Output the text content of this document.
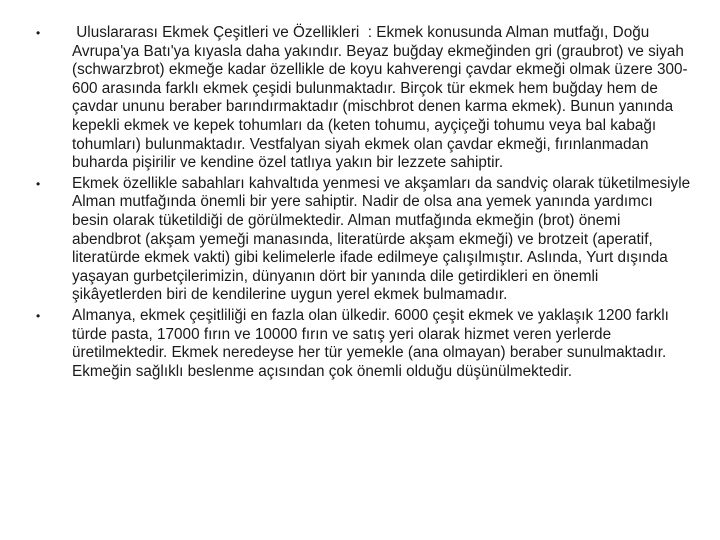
•	Uluslararası Ekmek Çeşitleri ve Özellikleri  : Ekmek konusunda Alman mutfağı, Doğu Avrupa'ya Batı'ya kıyasla daha yakındır. Beyaz buğday ekmeğinden gri (graubrot) ve siyah (schwarzbrot) ekmeğe kadar özellikle de koyu kahverengi çavdar ekmeği olmak üzere 300-600 arasında farklı ekmek çeşidi bulunmaktadır. Birçok tür ekmek hem buğday hem de çavdar ununu beraber barındırmaktadır (mischbrot denen karma ekmek). Bunun yanında kepekli ekmek ve kepek tohumları da (keten tohumu, ayçiçeği tohumu veya bal kabağı tohumları) bulunmaktadır. Vestfalyan siyah ekmek olan çavdar ekmeği, fırınlanmadan buharda pişirilir ve kendine özel tatlıya yakın bir lezzete sahiptir.
•	Ekmek özellikle sabahları kahvaltıda yenmesi ve akşamları da sandviç olarak tüketilmesiyle Alman mutfağında önemli bir yere sahiptir. Nadir de olsa ana yemek yanında yardımcı besin olarak tüketildiği de görülmektedir. Alman mutfağında ekmeğin (brot) önemi abendbrot (akşam yemeği manasında, literatürde akşam ekmeği) ve brotzeit (aperatif, literatürde ekmek vakti) gibi kelimelerle ifade edilmeye çalışılmıştır. Aslında, Yurt dışında yaşayan gurbetçilerimizin, dünyanın dört bir yanında dile getirdikleri en önemli şikâyetlerden biri de kendilerine uygun yerel ekmek bulmamadır.
•	Almanya, ekmek çeşitliliği en fazla olan ülkedir. 6000 çeşit ekmek ve yaklaşık 1200 farklı türde pasta, 17000 fırın ve 10000 fırın ve satış yeri olarak hizmet veren yerlerde üretilmektedir. Ekmek neredeyse her tür yemekle (ana olmayan) beraber sunulmaktadır. Ekmeğin sağlıklı beslenme açısından çok önemli olduğu düşünülmektedir.
